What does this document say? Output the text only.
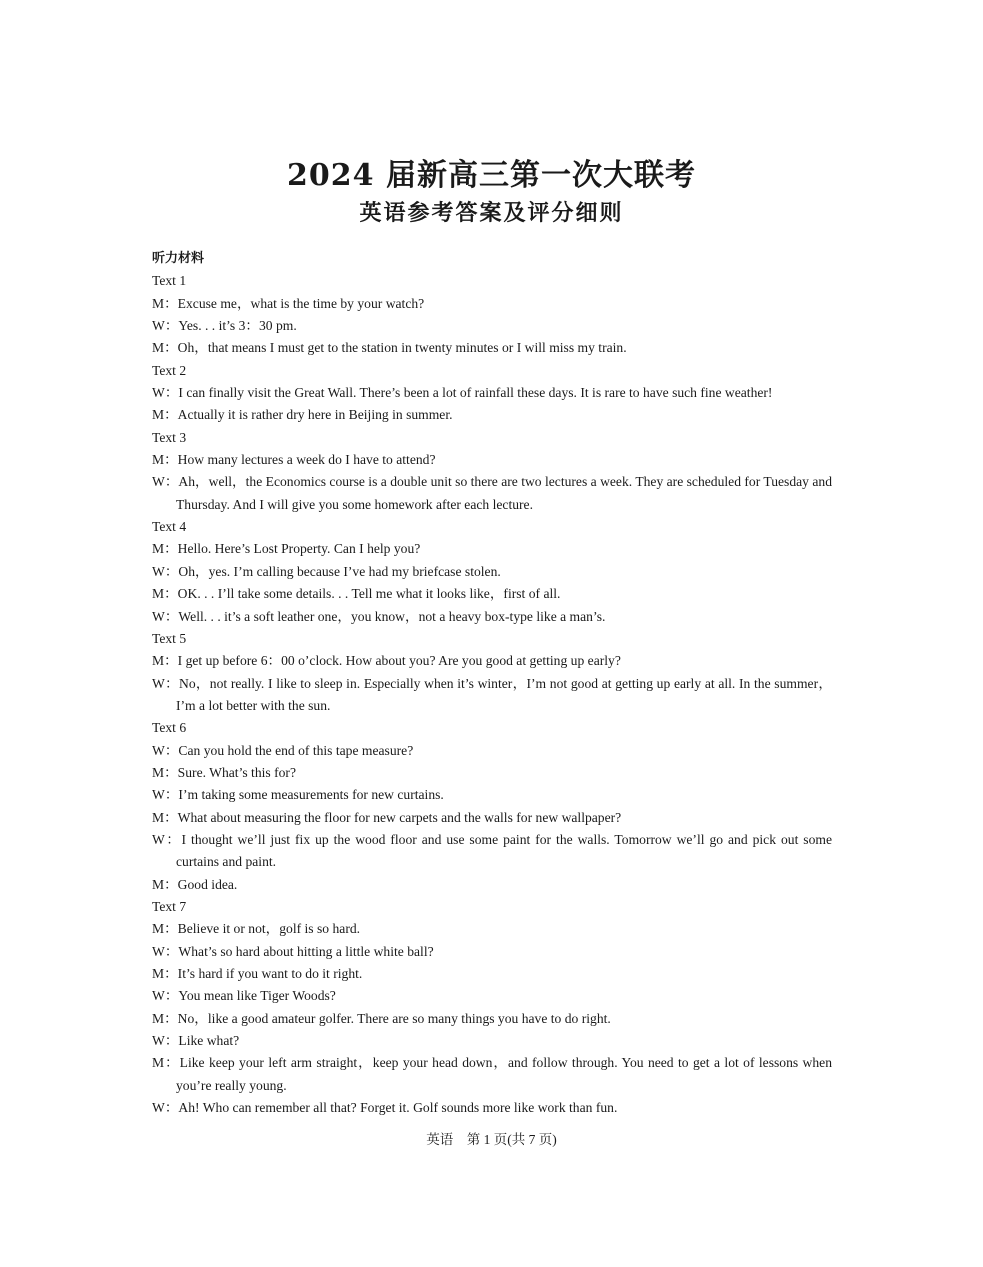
2024 届新高三第一次大联考
英语参考答案及评分细则
听力材料
Text 1
M：Excuse me，what is the time by your watch?
W：Yes. . . it’s 3：30 pm.
M：Oh，that means I must get to the station in twenty minutes or I will miss my train.
Text 2
W：I can finally visit the Great Wall. There’s been a lot of rainfall these days. It is rare to have such fine weather!
M：Actually it is rather dry here in Beijing in summer.
Text 3
M：How many lectures a week do I have to attend?
W：Ah，well，the Economics course is a double unit so there are two lectures a week. They are scheduled for Tuesday and Thursday. And I will give you some homework after each lecture.
Text 4
M：Hello. Here’s Lost Property. Can I help you?
W：Oh，yes. I’m calling because I’ve had my briefcase stolen.
M：OK. . . I’ll take some details. . . Tell me what it looks like，first of all.
W：Well. . . it’s a soft leather one，you know，not a heavy box-type like a man’s.
Text 5
M：I get up before 6：00 o’clock. How about you? Are you good at getting up early?
W：No，not really. I like to sleep in. Especially when it’s winter，I’m not good at getting up early at all. In the summer，I’m a lot better with the sun.
Text 6
W：Can you hold the end of this tape measure?
M：Sure. What’s this for?
W：I’m taking some measurements for new curtains.
M：What about measuring the floor for new carpets and the walls for new wallpaper?
W：I thought we’ll just fix up the wood floor and use some paint for the walls. Tomorrow we’ll go and pick out some curtains and paint.
M：Good idea.
Text 7
M：Believe it or not，golf is so hard.
W：What’s so hard about hitting a little white ball?
M：It’s hard if you want to do it right.
W：You mean like Tiger Woods?
M：No，like a good amateur golfer. There are so many things you have to do right.
W：Like what?
M：Like keep your left arm straight，keep your head down，and follow through. You need to get a lot of lessons when you’re really young.
W：Ah! Who can remember all that? Forget it. Golf sounds more like work than fun.
英语　第 1 页(共 7 页)
